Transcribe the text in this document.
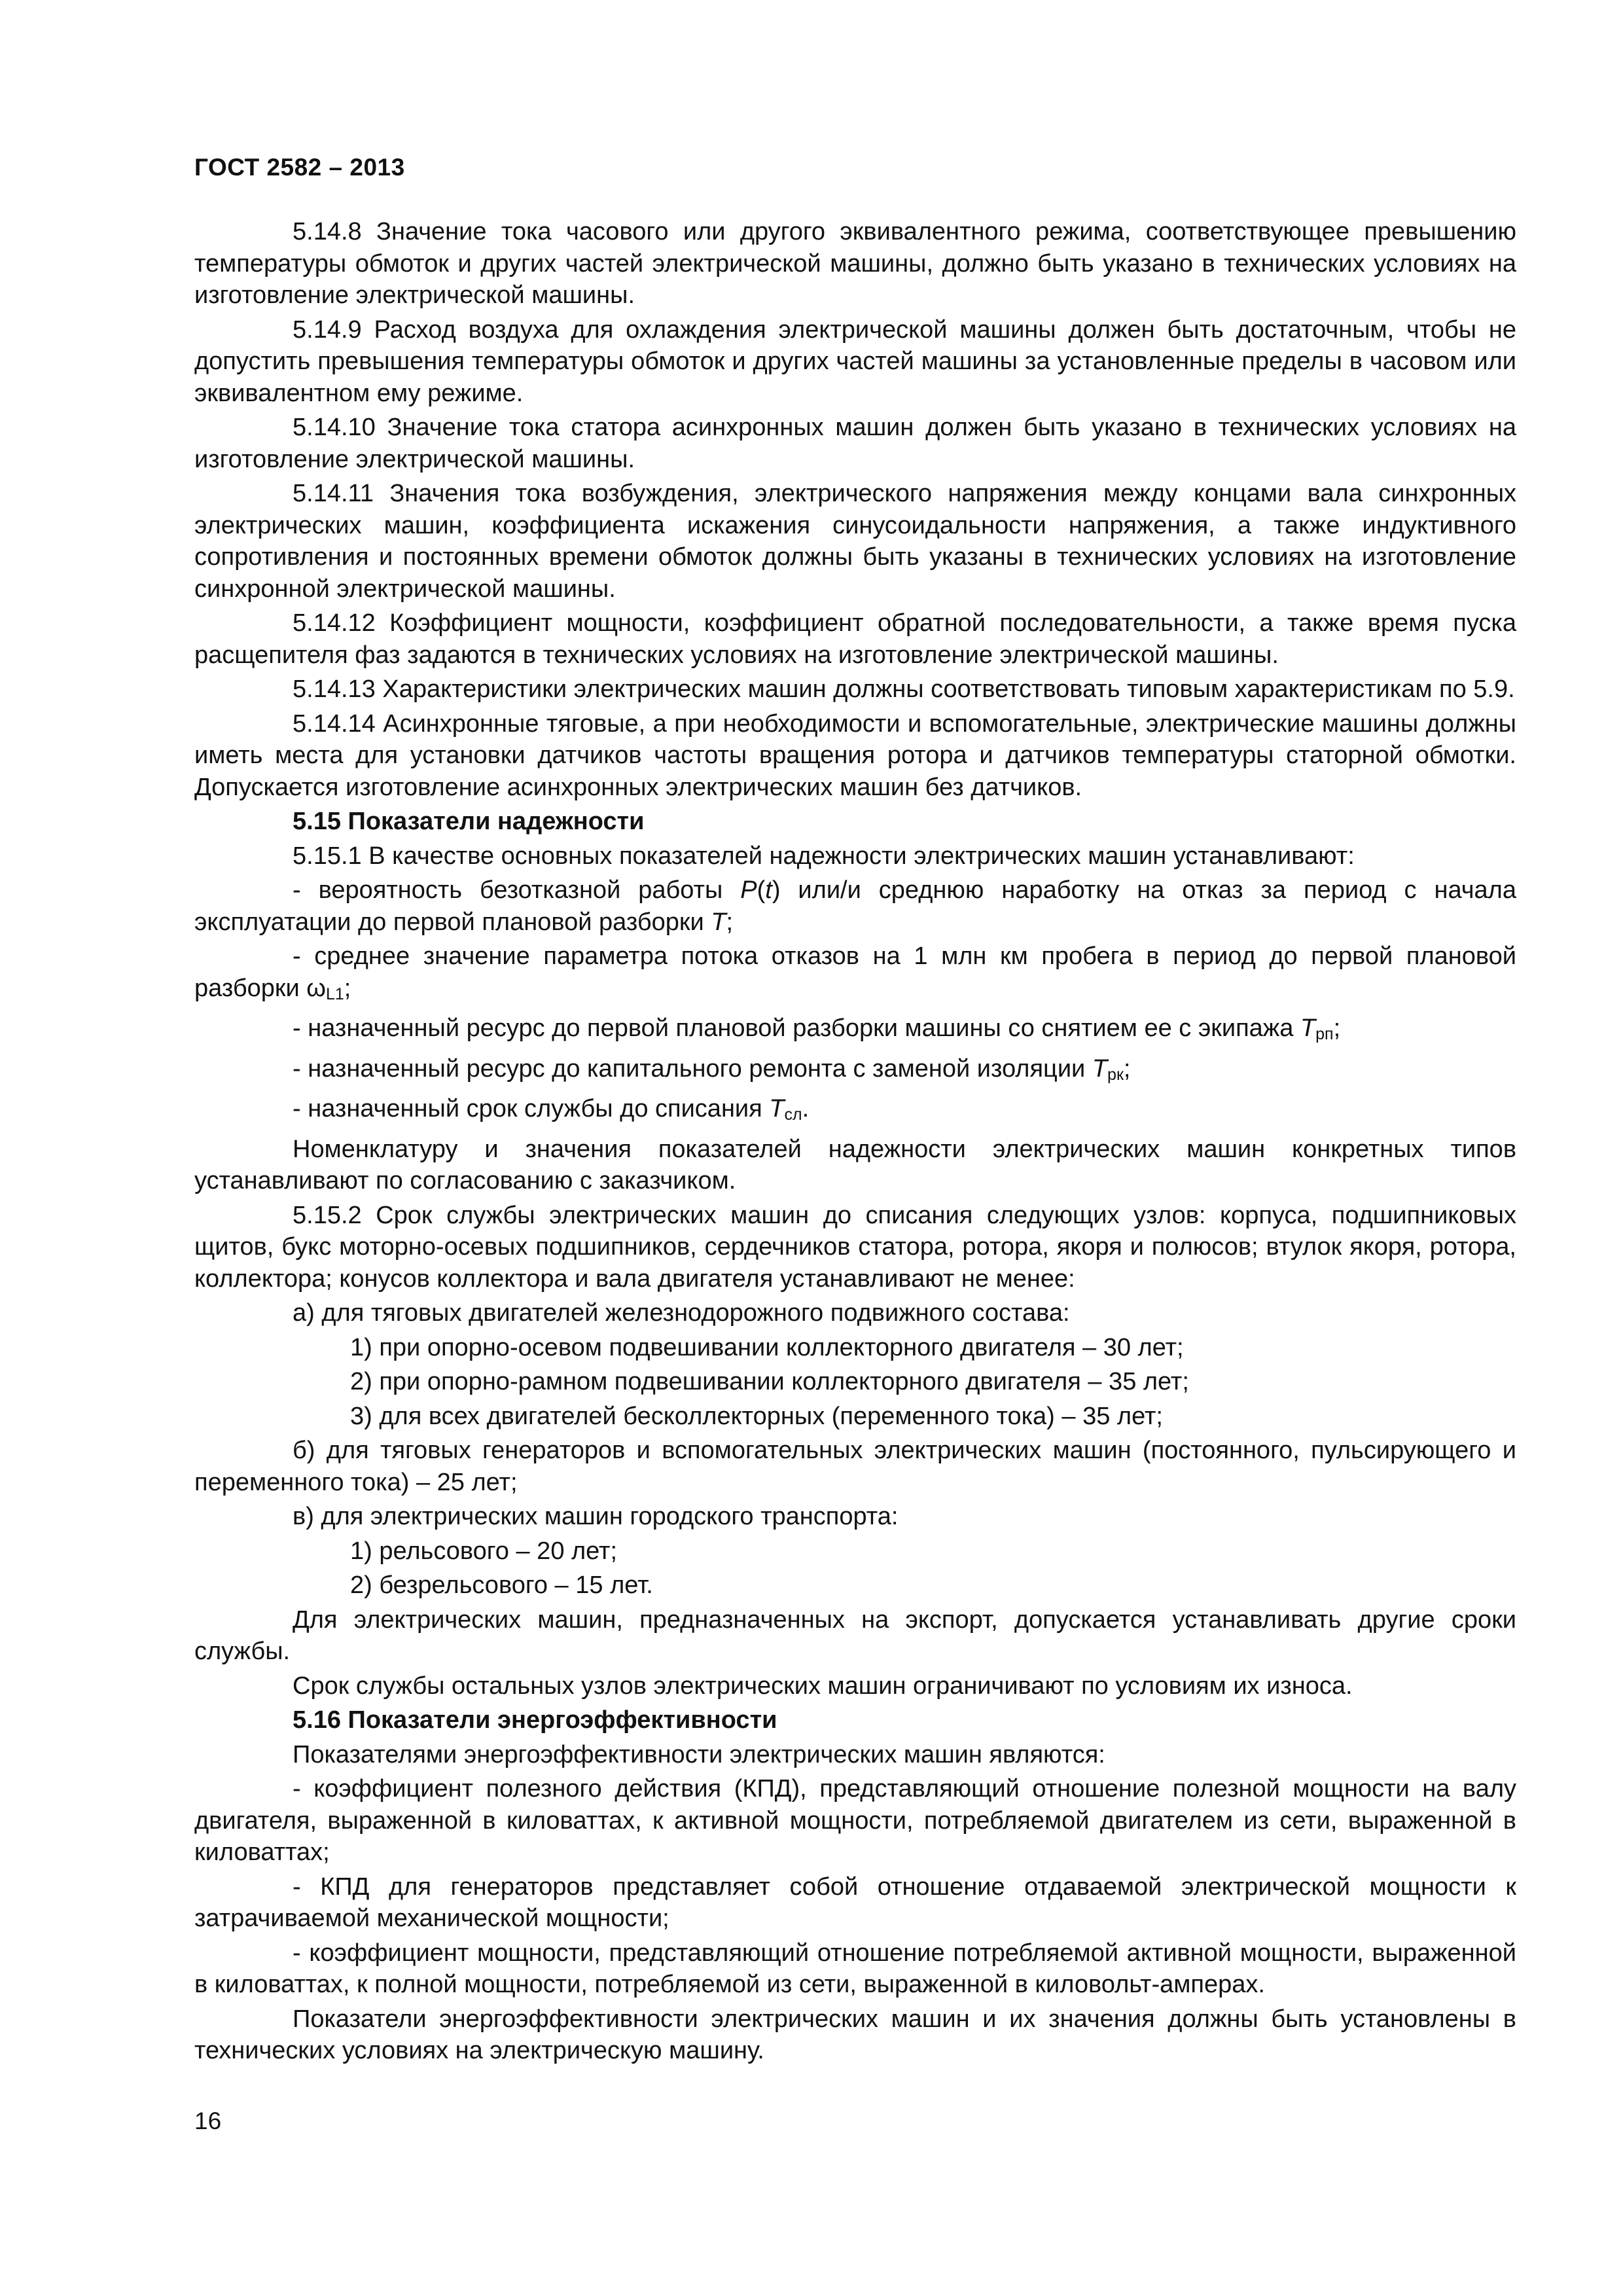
ГОСТ 2582 – 2013

5.14.8 Значение тока часового или другого эквивалентного режима, соответствующее превышению температуры обмоток и других частей электрической машины, должно быть указано в технических условиях на изготовление электрической машины.

5.14.9 Расход воздуха для охлаждения электрической машины должен быть достаточным, чтобы не допустить превышения температуры обмоток и других частей машины за установленные пределы в часовом или эквивалентном ему режиме.

5.14.10 Значение тока статора асинхронных машин должен быть указано в технических условиях на изготовление электрической машины.

5.14.11 Значения тока возбуждения, электрического напряжения между концами вала синхронных электрических машин, коэффициента искажения синусоидальности напряжения, а также индуктивного сопротивления и постоянных времени обмоток должны быть указаны в технических условиях на изготовление синхронной электрической машины.

5.14.12 Коэффициент мощности, коэффициент обратной последовательности, а также время пуска расщепителя фаз задаются в технических условиях на изготовление электрической машины.

5.14.13 Характеристики электрических машин должны соответствовать типовым характеристикам по 5.9.

5.14.14 Асинхронные тяговые, а при необходимости и вспомогательные, электрические машины должны иметь места для установки датчиков частоты вращения ротора и датчиков температуры статорной обмотки. Допускается изготовление асинхронных электрических машин без датчиков.

5.15 Показатели надежности

5.15.1 В качестве основных показателей надежности электрических машин устанавливают:

- вероятность безотказной работы P(t) или/и среднюю наработку на отказ за период с начала эксплуатации до первой плановой разборки T;

- среднее значение параметра потока отказов на 1 млн км пробега в период до первой плановой разборки ωL1;

- назначенный ресурс до первой плановой разборки машины со снятием ее с экипажа Tрп;

- назначенный ресурс до капитального ремонта с заменой изоляции Tрк;

- назначенный срок службы до списания Tсл.

Номенклатуру и значения показателей надежности электрических машин конкретных типов устанавливают по согласованию с заказчиком.

5.15.2 Срок службы электрических машин до списания следующих узлов: корпуса, подшипниковых щитов, букс моторно-осевых подшипников, сердечников статора, ротора, якоря и полюсов; втулок якоря, ротора, коллектора; конусов коллектора и вала двигателя устанавливают не менее:

а) для тяговых двигателей железнодорожного подвижного состава:

1) при опорно-осевом подвешивании коллекторного двигателя – 30 лет;

2) при опорно-рамном подвешивании коллекторного двигателя – 35 лет;

3) для всех двигателей бесколлекторных (переменного тока) – 35 лет;

б) для тяговых генераторов и вспомогательных электрических машин (постоянного, пульсирующего и переменного тока) – 25 лет;

в) для электрических машин городского транспорта:

1) рельсового – 20 лет;

2) безрельсового – 15 лет.

Для электрических машин, предназначенных на экспорт, допускается устанавливать другие сроки службы.

Срок службы остальных узлов электрических машин ограничивают по условиям их износа.

5.16 Показатели энергоэффективности

Показателями энергоэффективности электрических машин являются:

- коэффициент полезного действия (КПД), представляющий отношение полезной мощности на валу двигателя, выраженной в киловаттах, к активной мощности, потребляемой двигателем из сети, выраженной в киловаттах;

- КПД для генераторов представляет собой отношение отдаваемой электрической мощности к затрачиваемой механической мощности;

- коэффициент мощности, представляющий отношение потребляемой активной мощности, выраженной в киловаттах, к полной мощности, потребляемой из сети, выраженной в киловольт-амперах.

Показатели энергоэффективности электрических машин и их значения должны быть установлены в технических условиях на электрическую машину.

16
